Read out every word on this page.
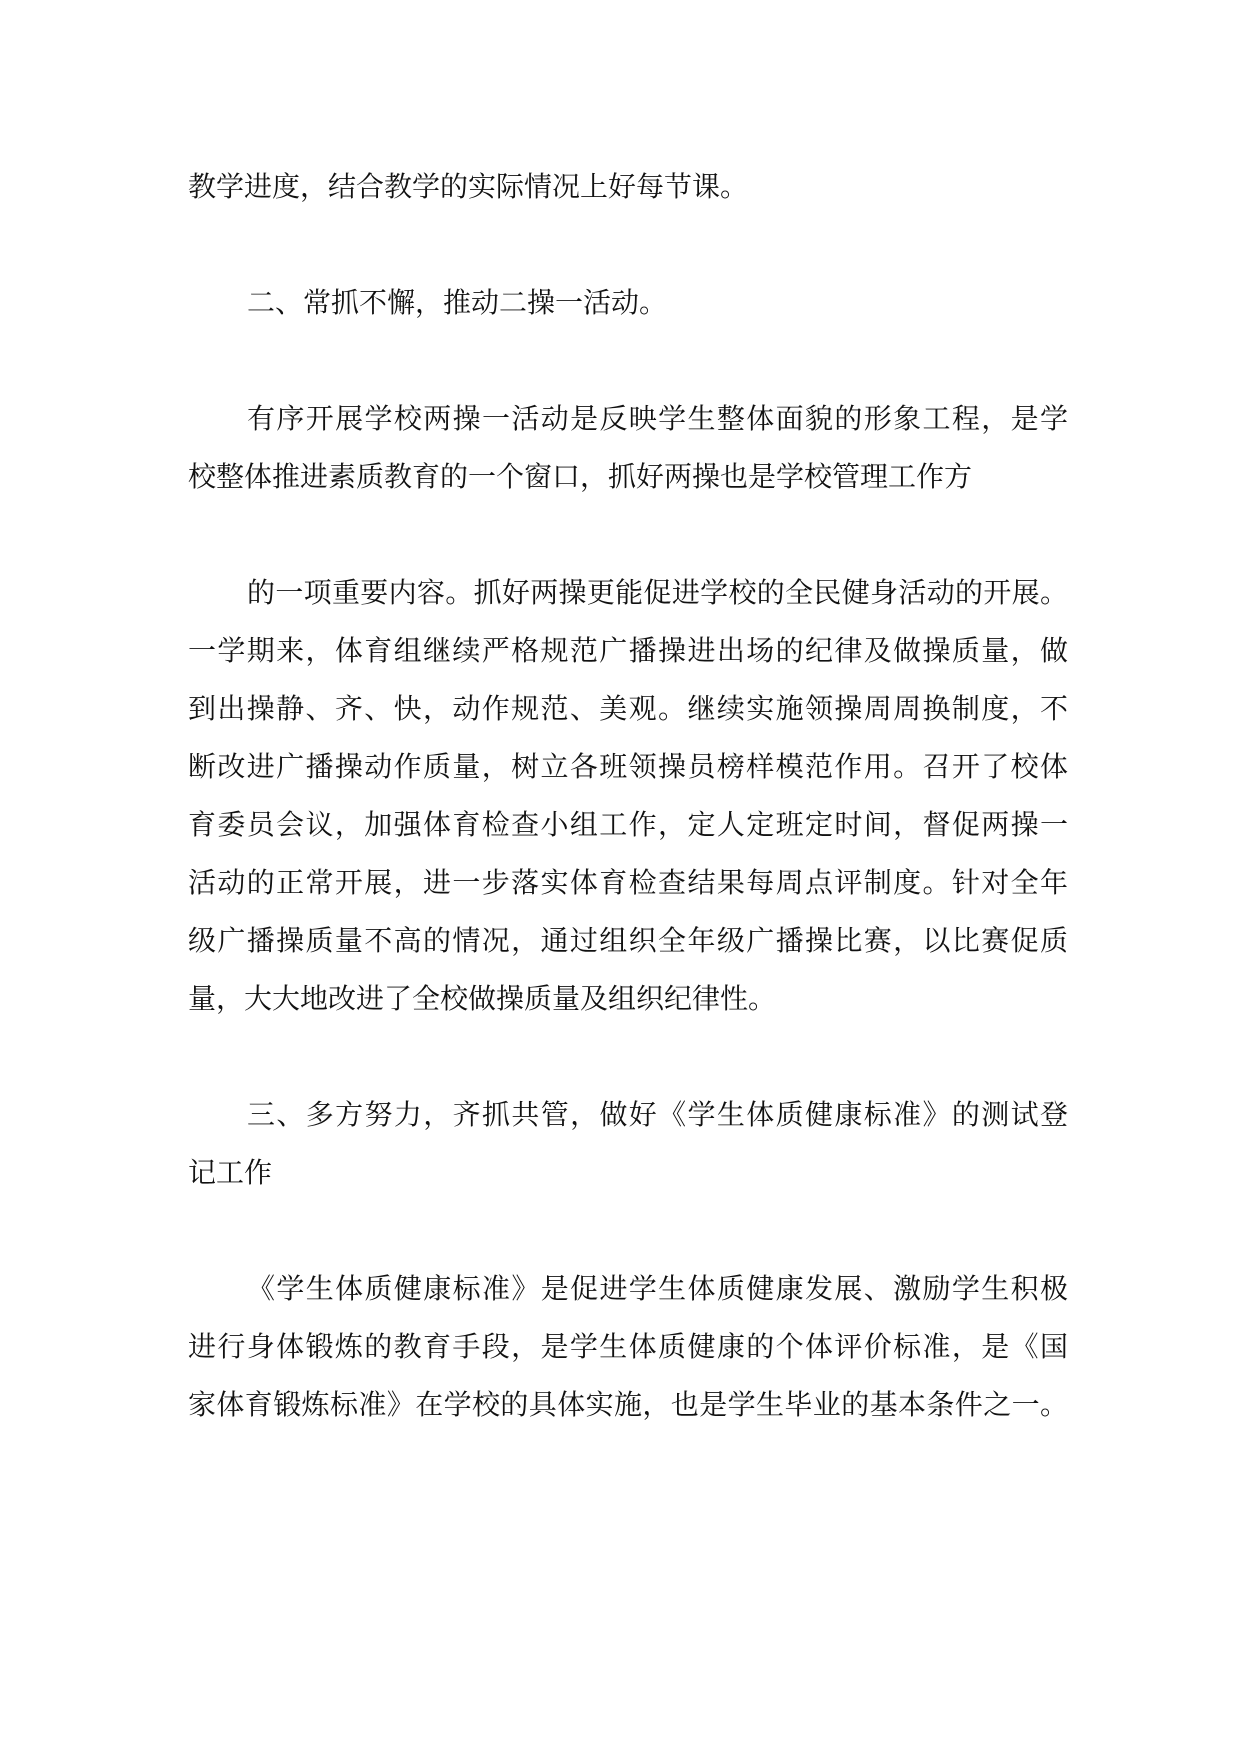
教学进度，结合教学的实际情况上好每节课。
二、常抓不懈，推动二操一活动。
有序开展学校两操一活动是反映学生整体面貌的形象工程，是学
校整体推进素质教育的一个窗口，抓好两操也是学校管理工作方
的一项重要内容。抓好两操更能促进学校的全民健身活动的开展。
一学期来，体育组继续严格规范广播操进出场的纪律及做操质量，做
到出操静、齐、快，动作规范、美观。继续实施领操周周换制度，不
断改进广播操动作质量，树立各班领操员榜样模范作用。召开了校体
育委员会议，加强体育检查小组工作，定人定班定时间，督促两操一
活动的正常开展，进一步落实体育检查结果每周点评制度。针对全年
级广播操质量不高的情况，通过组织全年级广播操比赛，以比赛促质
量，大大地改进了全校做操质量及组织纪律性。
三、多方努力，齐抓共管，做好《学生体质健康标准》的测试登
记工作
《学生体质健康标准》是促进学生体质健康发展、激励学生积极
进行身体锻炼的教育手段，是学生体质健康的个体评价标准，是《国
家体育锻炼标准》在学校的具体实施，也是学生毕业的基本条件之一。
